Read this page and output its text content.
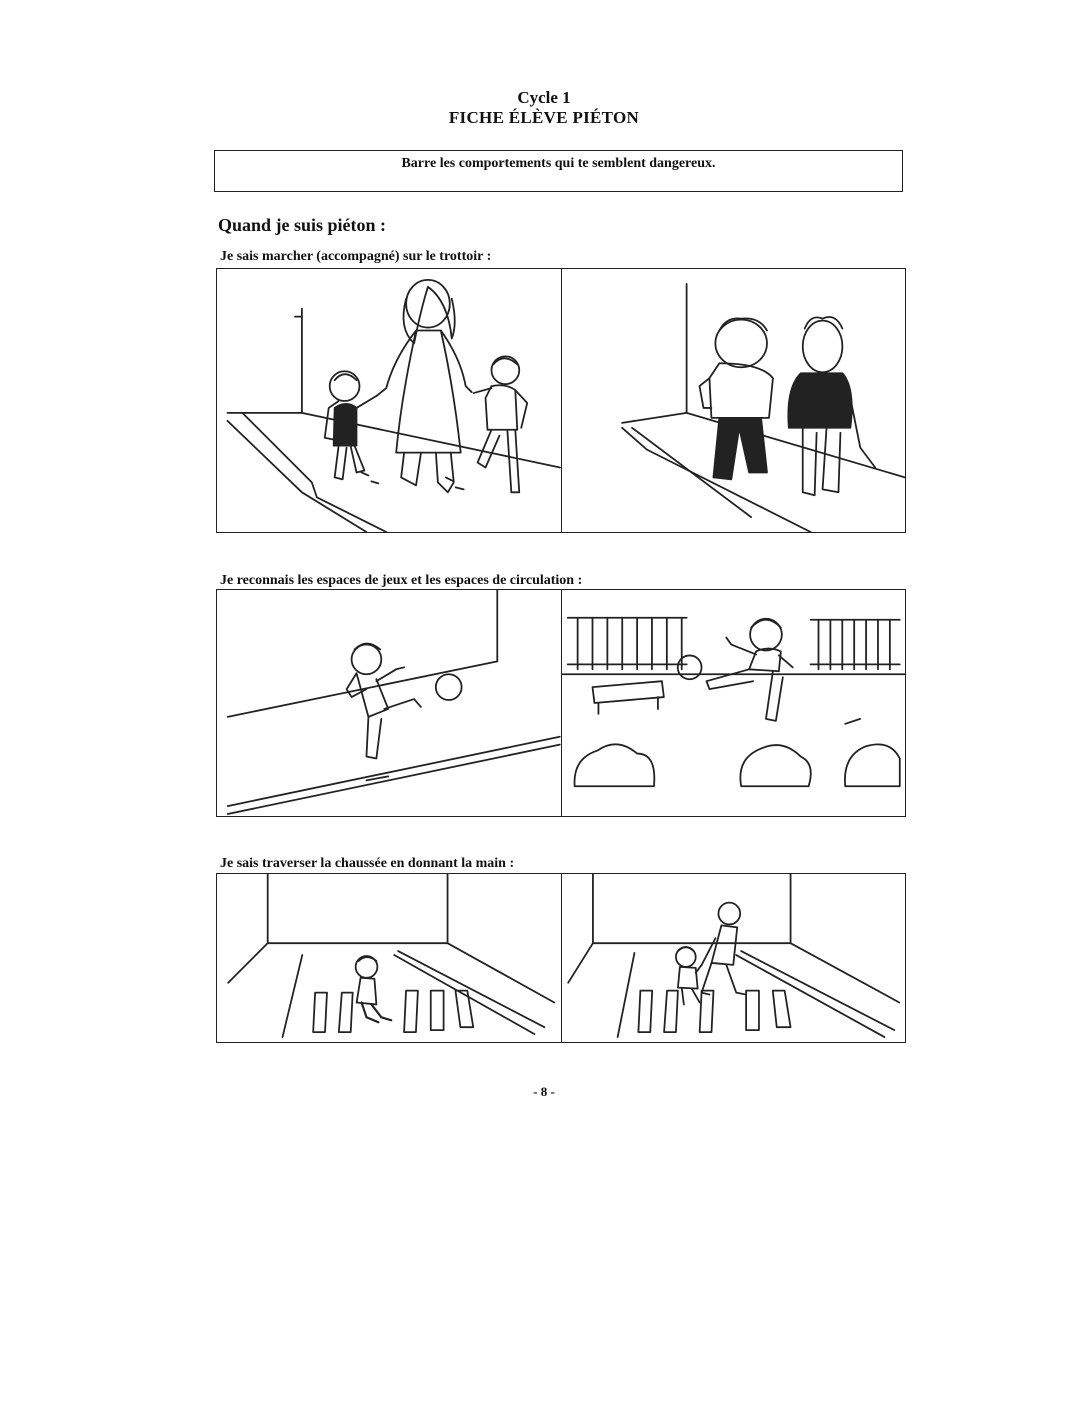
Cycle 1
FICHE ÉLÈVE PIÉTON
Barre les comportements qui te semblent dangereux.
Quand je suis piéton :
Je sais marcher (accompagné) sur le trottoir :
Je reconnais les espaces de jeux et les espaces de circulation :
Je sais traverser la chaussée en donnant la main :
- 8 -
